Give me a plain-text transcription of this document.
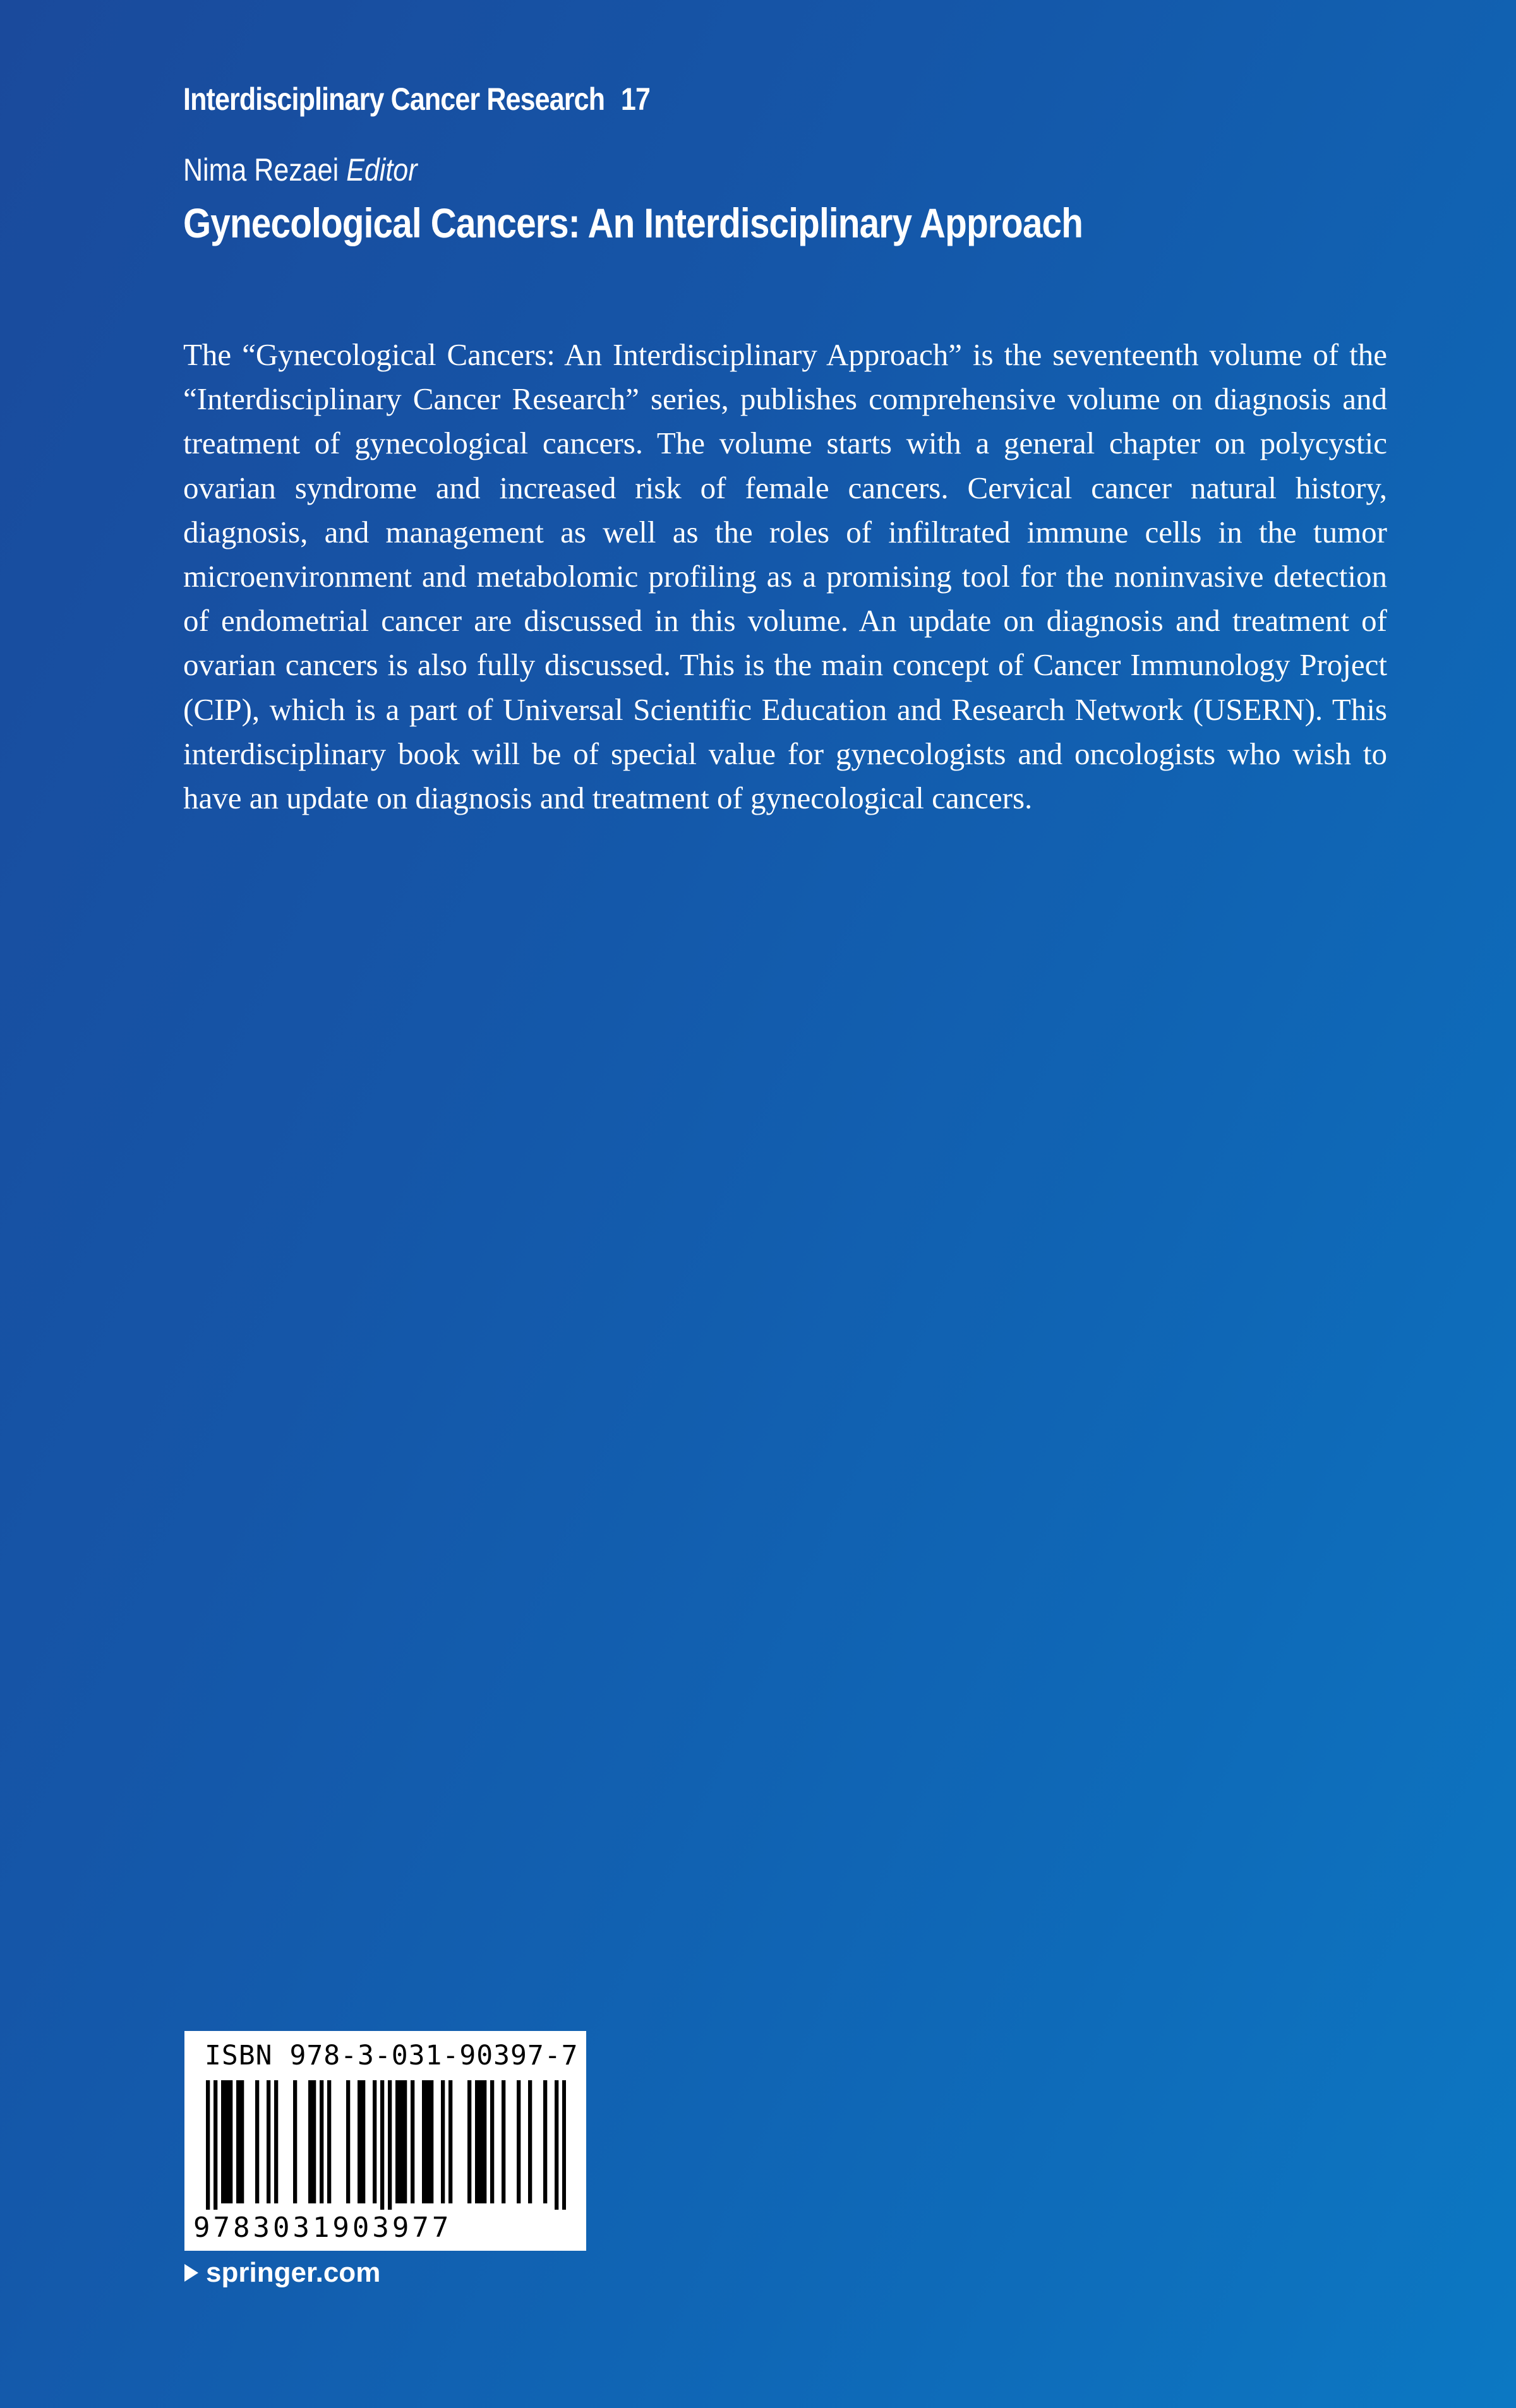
Interdisciplinary Cancer Research 17
Nima Rezaei Editor
Gynecological Cancers: An Interdisciplinary Approach

The “Gynecological Cancers: An Interdisciplinary Approach” is the seventeenth volume of the “Interdisciplinary Cancer Research” series, publishes comprehensive volume on diagnosis and treatment of gynecological cancers. The volume starts with a general chapter on polycystic ovarian syndrome and increased risk of female cancers. Cervical cancer natural history, diagnosis, and management as well as the roles of infiltrated immune cells in the tumor microenvironment and metabolomic profiling as a promising tool for the noninvasive detection of endometrial cancer are discussed in this volume. An update on diagnosis and treatment of ovarian cancers is also fully discussed. This is the main concept of Cancer Immunology Project (CIP), which is a part of Universal Scientific Education and Research Network (USERN). This interdisciplinary book will be of special value for gynecologists and oncologists who wish to have an update on diagnosis and treatment of gynecological cancers.

ISBN 978-3-031-90397-7
9783031903977
springer.com
